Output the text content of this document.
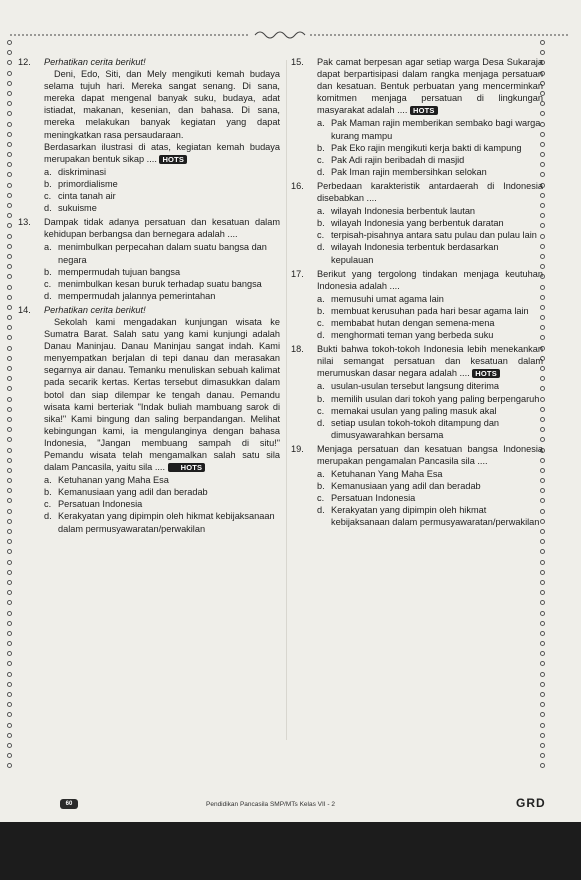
12. Perhatikan cerita berikut!

Deni, Edo, Siti, dan Mely mengikuti kemah budaya selama tujuh hari. Mereka sangat senang. Di sana, mereka dapat mengenal banyak suku, budaya, adat istiadat, makanan, kesenian, dan bahasa. Di sana, mereka melakukan banyak kegiatan yang dapat meningkatkan rasa persaudaraan.

Berdasarkan ilustrasi di atas, kegiatan kemah budaya merupakan bentuk sikap .... HOTS

a. diskriminasi
b. primordialisme
c. cinta tanah air
d. sukuisme
13. Dampak tidak adanya persatuan dan kesatuan dalam kehidupan berbangsa dan bernegara adalah ....

a. menimbulkan perpecahan dalam suatu bangsa dan negara
b. mempermudah tujuan bangsa
c. menimbulkan kesan buruk terhadap suatu bangsa
d. mempermudah jalannya pemerintahan
14. Perhatikan cerita berikut!

Sekolah kami mengadakan kunjungan wisata ke Sumatra Barat. Salah satu yang kami kunjungi adalah Danau Maninjau. Danau Maninjau sangat indah. Kami menyempatkan berjalan di tepi danau dan merasakan segarnya air danau. Temanku menuliskan sebuah kalimat pada secarik kertas. Kertas tersebut dimasukkan dalam botol dan siap dilempar ke tengah danau. Pemandu wisata kami berteriak "Indak buliah mambuang sarok di sika!" Kami bingung dan saling berpandangan. Melihat kebingungan kami, ia mengulanginya dengan bahasa Indonesia, "Jangan membuang sampah di situ!" Pemandu wisata telah mengamalkan salah satu sila dalam Pancasila, yaitu sila .... HOTS

a. Ketuhanan yang Maha Esa
b. Kemanusiaan yang adil dan beradab
c. Persatuan Indonesia
d. Kerakyatan yang dipimpin oleh hikmat kebijaksanaan dalam permusyawaratan/perwakilan
15. Pak camat berpesan agar setiap warga Desa Sukaraja dapat berpartisipasi dalam rangka menjaga persatuan dan kesatuan. Bentuk perbuatan yang mencerminkan komitmen menjaga persatuan di lingkungan masyarakat adalah .... HOTS

a. Pak Maman rajin memberikan sembako bagi warga kurang mampu
b. Pak Eko rajin mengikuti kerja bakti di kampung
c. Pak Adi rajin beribadah di masjid
d. Pak Iman rajin membersihkan selokan
16. Perbedaan karakteristik antardaerah di Indonesia disebabkan ....

a. wilayah Indonesia berbentuk lautan
b. wilayah Indonesia yang berbentuk daratan
c. terpisah-pisahnya antara satu pulau dan pulau lain
d. wilayah Indonesia terbentuk berdasarkan kepulauan
17. Berikut yang tergolong tindakan menjaga keutuhan Indonesia adalah ....

a. memusuhi umat agama lain
b. membuat kerusuhan pada hari besar agama lain
c. membabat hutan dengan semena-mena
d. menghormati teman yang berbeda suku
18. Bukti bahwa tokoh-tokoh Indonesia lebih menekankan nilai semangat persatuan dan kesatuan dalam merumuskan dasar negara adalah .... HOTS

a. usulan-usulan tersebut langsung diterima
b. memilih usulan dari tokoh yang paling berpengaruh
c. memakai usulan yang paling masuk akal
d. setiap usulan tokoh-tokoh ditampung dan dimusyawarahkan bersama
19. Menjaga persatuan dan kesatuan bangsa Indonesia merupakan pengamalan Pancasila sila ....

a. Ketuhanan Yang Maha Esa
b. Kemanusiaan yang adil dan beradab
c. Persatuan Indonesia
d. Kerakyatan yang dipimpin oleh hikmat kebijaksanaan dalam permusyawaratan/perwakilan
60	Pendidikan Pancasila SMP/MTs Kelas VII - 2	GRD
